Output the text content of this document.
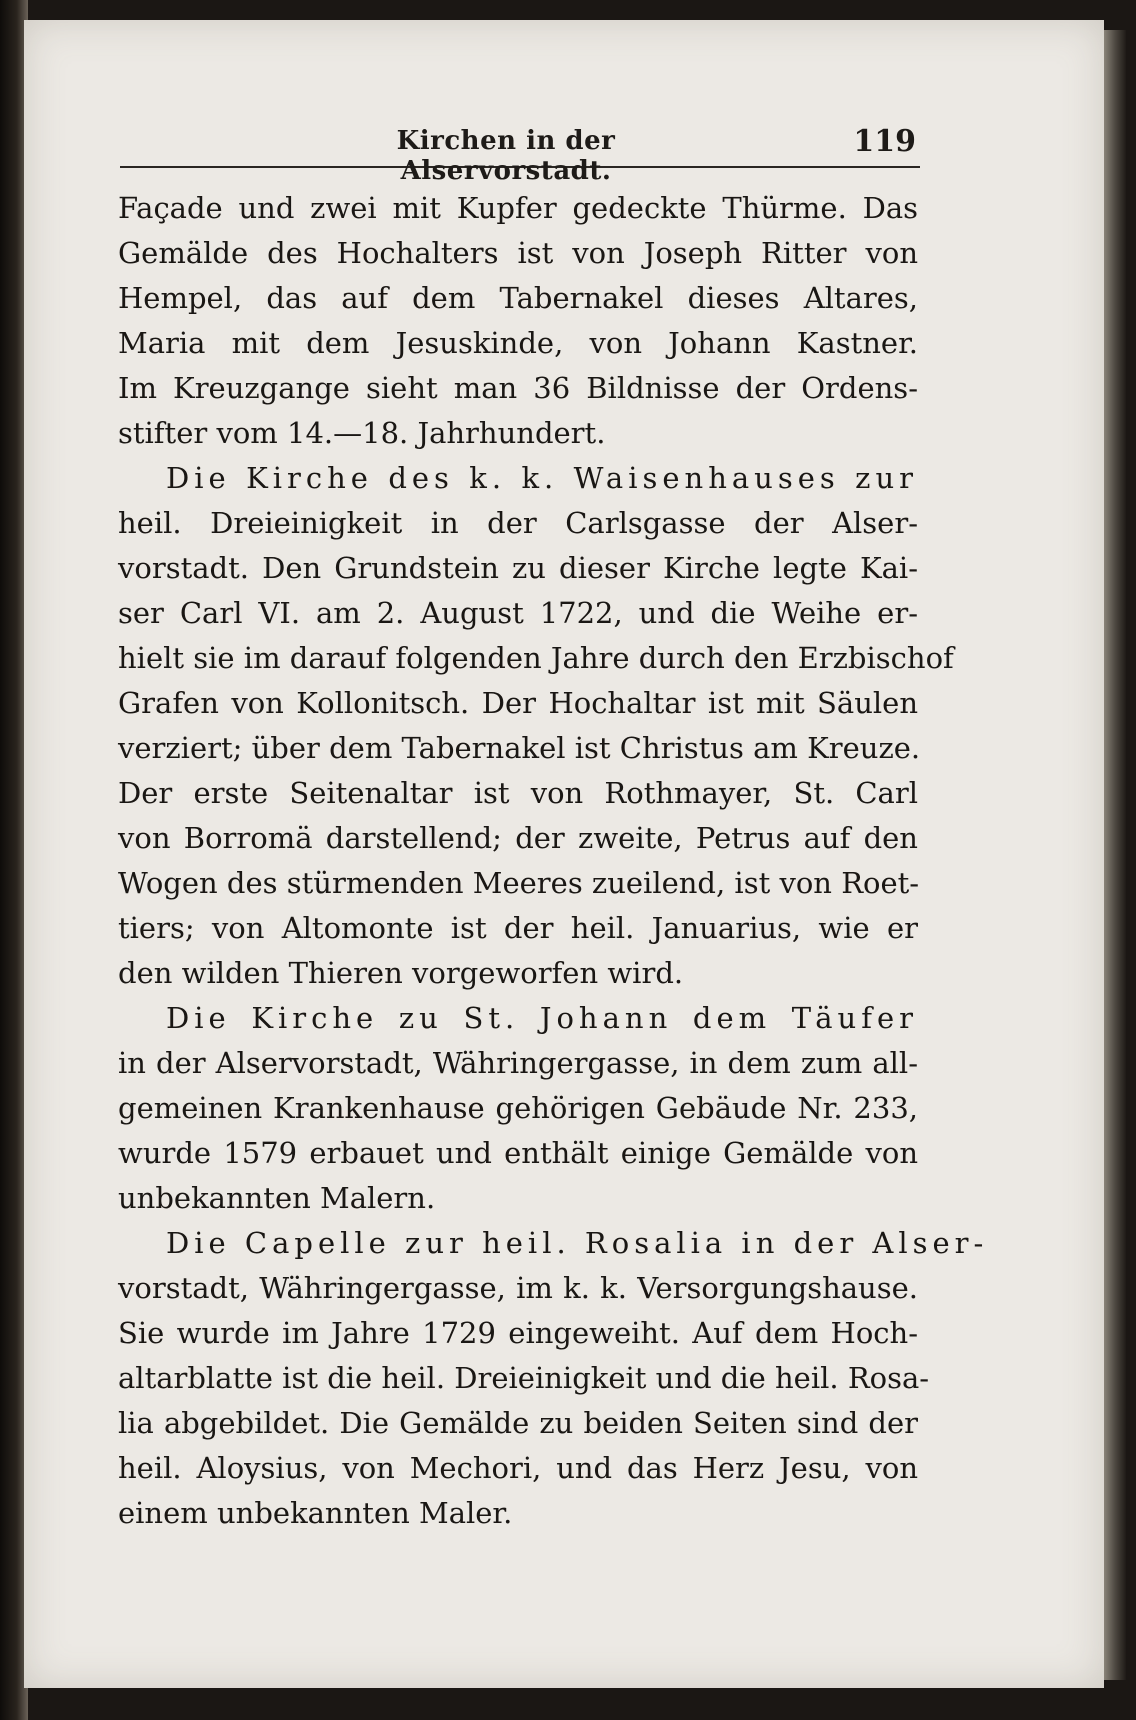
Kirchen in der Alservorstadt.
119
Façade und zwei mit Kupfer gedeckte Thürme. Das
Gemälde des Hochalters ist von Joseph Ritter von
Hempel, das auf dem Tabernakel dieses Altares,
Maria mit dem Jesuskinde, von Johann Kastner.
Im Kreuzgange sieht man 36 Bildnisse der Ordens-
stifter vom 14.—18. Jahrhundert.
Die Kirche des k. k. Waisenhauses zur
heil. Dreieinigkeit in der Carlsgasse der Alser-
vorstadt. Den Grundstein zu dieser Kirche legte Kai-
ser Carl VI. am 2. August 1722, und die Weihe er-
hielt sie im darauf folgenden Jahre durch den Erzbischof
Grafen von Kollonitsch. Der Hochaltar ist mit Säulen
verziert; über dem Tabernakel ist Christus am Kreuze.
Der erste Seitenaltar ist von Rothmayer, St. Carl
von Borromä darstellend; der zweite, Petrus auf den
Wogen des stürmenden Meeres zueilend, ist von Roet-
tiers; von Altomonte ist der heil. Januarius, wie er
den wilden Thieren vorgeworfen wird.
Die Kirche zu St. Johann dem Täufer
in der Alservorstadt, Währingergasse, in dem zum all-
gemeinen Krankenhause gehörigen Gebäude Nr. 233,
wurde 1579 erbauet und enthält einige Gemälde von
unbekannten Malern.
Die Capelle zur heil. Rosalia in der Alser-
vorstadt, Währingergasse, im k. k. Versorgungshause.
Sie wurde im Jahre 1729 eingeweiht. Auf dem Hoch-
altarblatte ist die heil. Dreieinigkeit und die heil. Rosa-
lia abgebildet. Die Gemälde zu beiden Seiten sind der
heil. Aloysius, von Mechori, und das Herz Jesu, von
einem unbekannten Maler.
